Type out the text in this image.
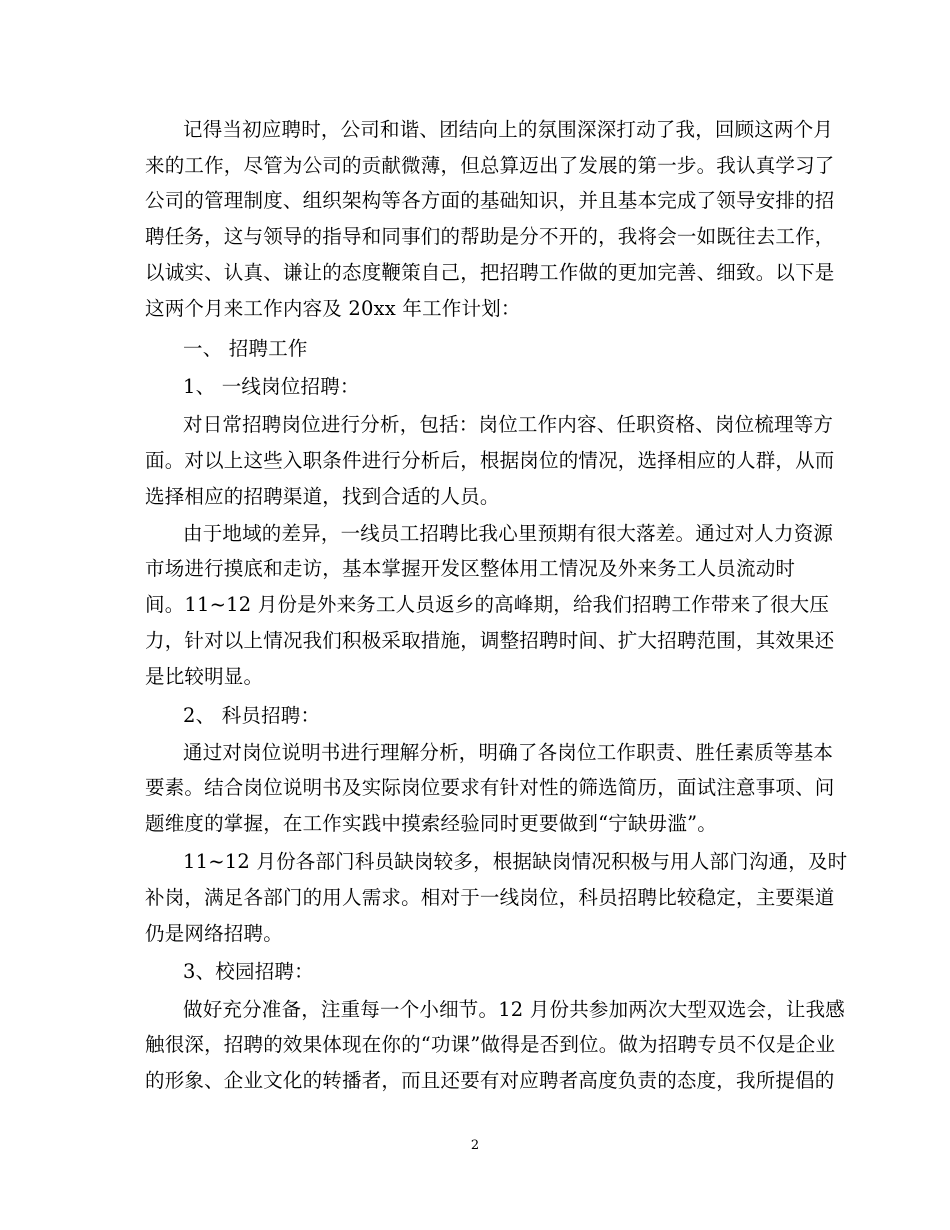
记得当初应聘时，公司和谐、团结向上的氛围深深打动了我，回顾这两个月
来的工作，尽管为公司的贡献微薄，但总算迈出了发展的第一步。我认真学习了
公司的管理制度、组织架构等各方面的基础知识，并且基本完成了领导安排的招
聘任务，这与领导的指导和同事们的帮助是分不开的，我将会一如既往去工作，
以诚实、认真、谦让的态度鞭策自己，把招聘工作做的更加完善、细致。以下是
这两个月来工作内容及 20xx 年工作计划：
一、 招聘工作
1、 一线岗位招聘：
对日常招聘岗位进行分析，包括：岗位工作内容、任职资格、岗位梳理等方
面。对以上这些入职条件进行分析后，根据岗位的情况，选择相应的人群，从而
选择相应的招聘渠道，找到合适的人员。
由于地域的差异，一线员工招聘比我心里预期有很大落差。通过对人力资源
市场进行摸底和走访，基本掌握开发区整体用工情况及外来务工人员流动时
间。11~12 月份是外来务工人员返乡的高峰期，给我们招聘工作带来了很大压
力，针对以上情况我们积极采取措施，调整招聘时间、扩大招聘范围，其效果还
是比较明显。
2、 科员招聘：
通过对岗位说明书进行理解分析，明确了各岗位工作职责、胜任素质等基本
要素。结合岗位说明书及实际岗位要求有针对性的筛选简历，面试注意事项、问
题维度的掌握，在工作实践中摸索经验同时更要做到“宁缺毋滥”。
11~12 月份各部门科员缺岗较多，根据缺岗情况积极与用人部门沟通，及时
补岗，满足各部门的用人需求。相对于一线岗位，科员招聘比较稳定，主要渠道
仍是网络招聘。
3、校园招聘：
做好充分准备，注重每一个小细节。12 月份共参加两次大型双选会，让我感
触很深，招聘的效果体现在你的“功课”做得是否到位。做为招聘专员不仅是企业
的形象、企业文化的转播者，而且还要有对应聘者高度负责的态度，我所提倡的
2
